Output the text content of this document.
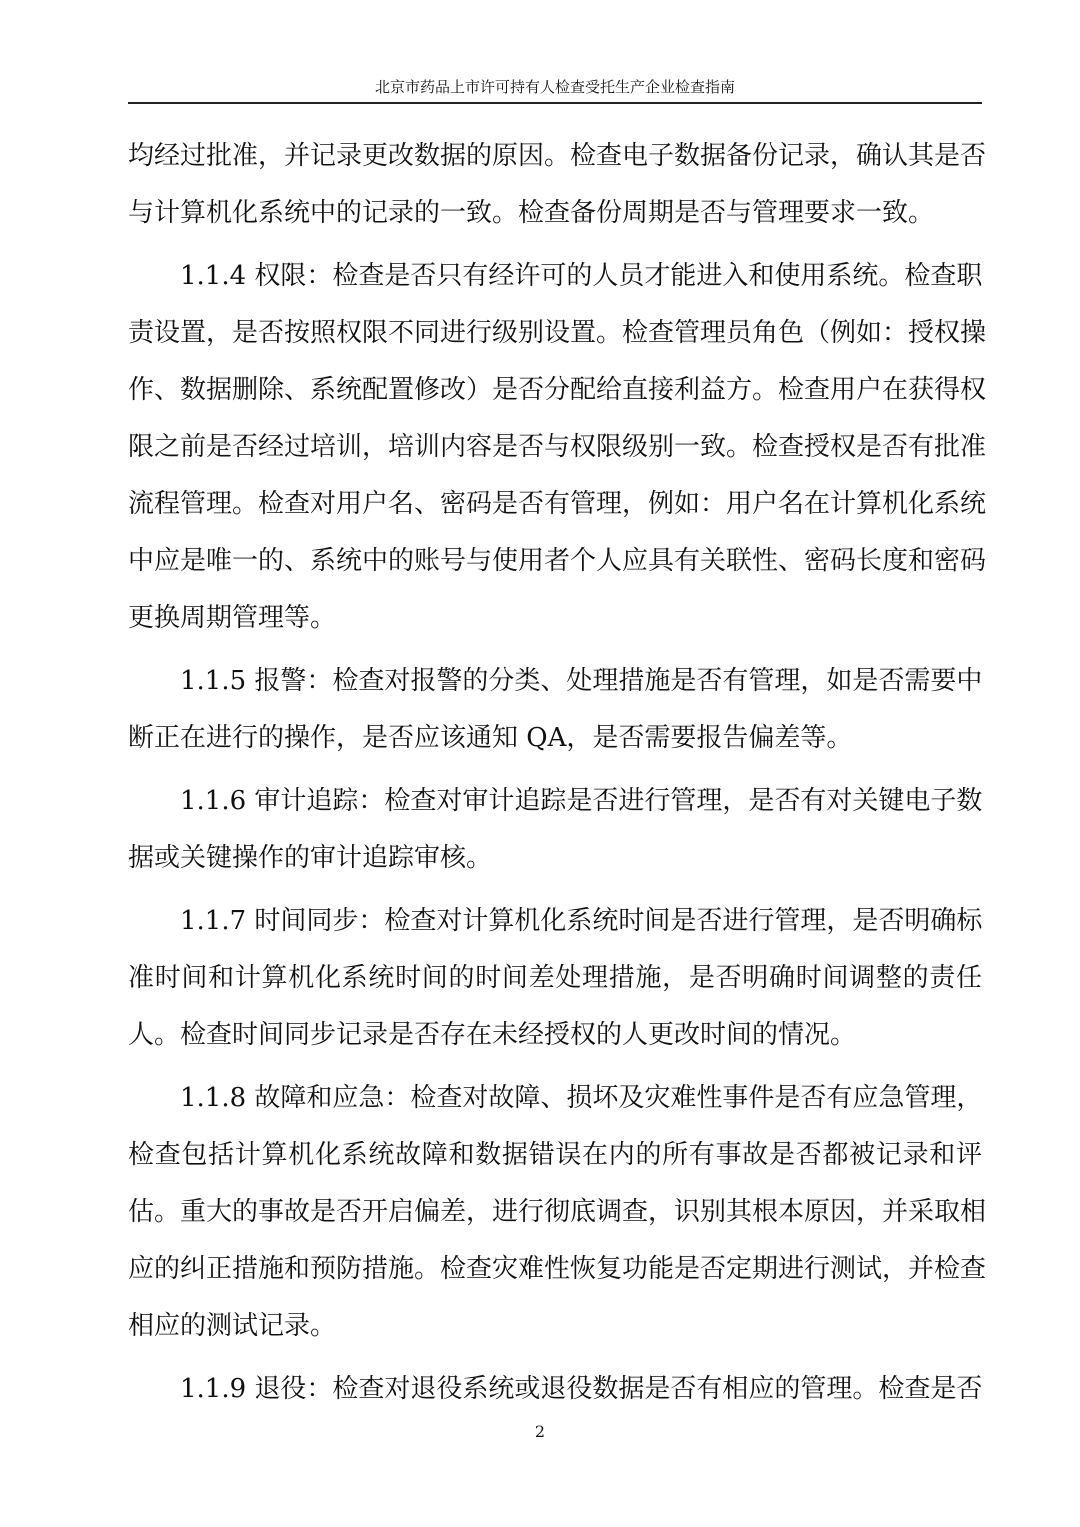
北京市药品上市许可持有人检查受托生产企业检查指南
均经过批准，并记录更改数据的原因。检查电子数据备份记录，确认其是否
与计算机化系统中的记录的一致。检查备份周期是否与管理要求一致。
1.1.4 权限：检查是否只有经许可的人员才能进入和使用系统。检查职
责设置，是否按照权限不同进行级别设置。检查管理员角色（例如：授权操
作、数据删除、系统配置修改）是否分配给直接利益方。检查用户在获得权
限之前是否经过培训，培训内容是否与权限级别一致。检查授权是否有批准
流程管理。检查对用户名、密码是否有管理，例如：用户名在计算机化系统
中应是唯一的、系统中的账号与使用者个人应具有关联性、密码长度和密码
更换周期管理等。
1.1.5 报警：检查对报警的分类、处理措施是否有管理，如是否需要中
断正在进行的操作，是否应该通知 QA，是否需要报告偏差等。
1.1.6 审计追踪：检查对审计追踪是否进行管理，是否有对关键电子数
据或关键操作的审计追踪审核。
1.1.7 时间同步：检查对计算机化系统时间是否进行管理，是否明确标
准时间和计算机化系统时间的时间差处理措施，是否明确时间调整的责任
人。检查时间同步记录是否存在未经授权的人更改时间的情况。
1.1.8 故障和应急：检查对故障、损坏及灾难性事件是否有应急管理，
检查包括计算机化系统故障和数据错误在内的所有事故是否都被记录和评
估。重大的事故是否开启偏差，进行彻底调查，识别其根本原因，并采取相
应的纠正措施和预防措施。检查灾难性恢复功能是否定期进行测试，并检查
相应的测试记录。
1.1.9 退役：检查对退役系统或退役数据是否有相应的管理。检查是否
2
